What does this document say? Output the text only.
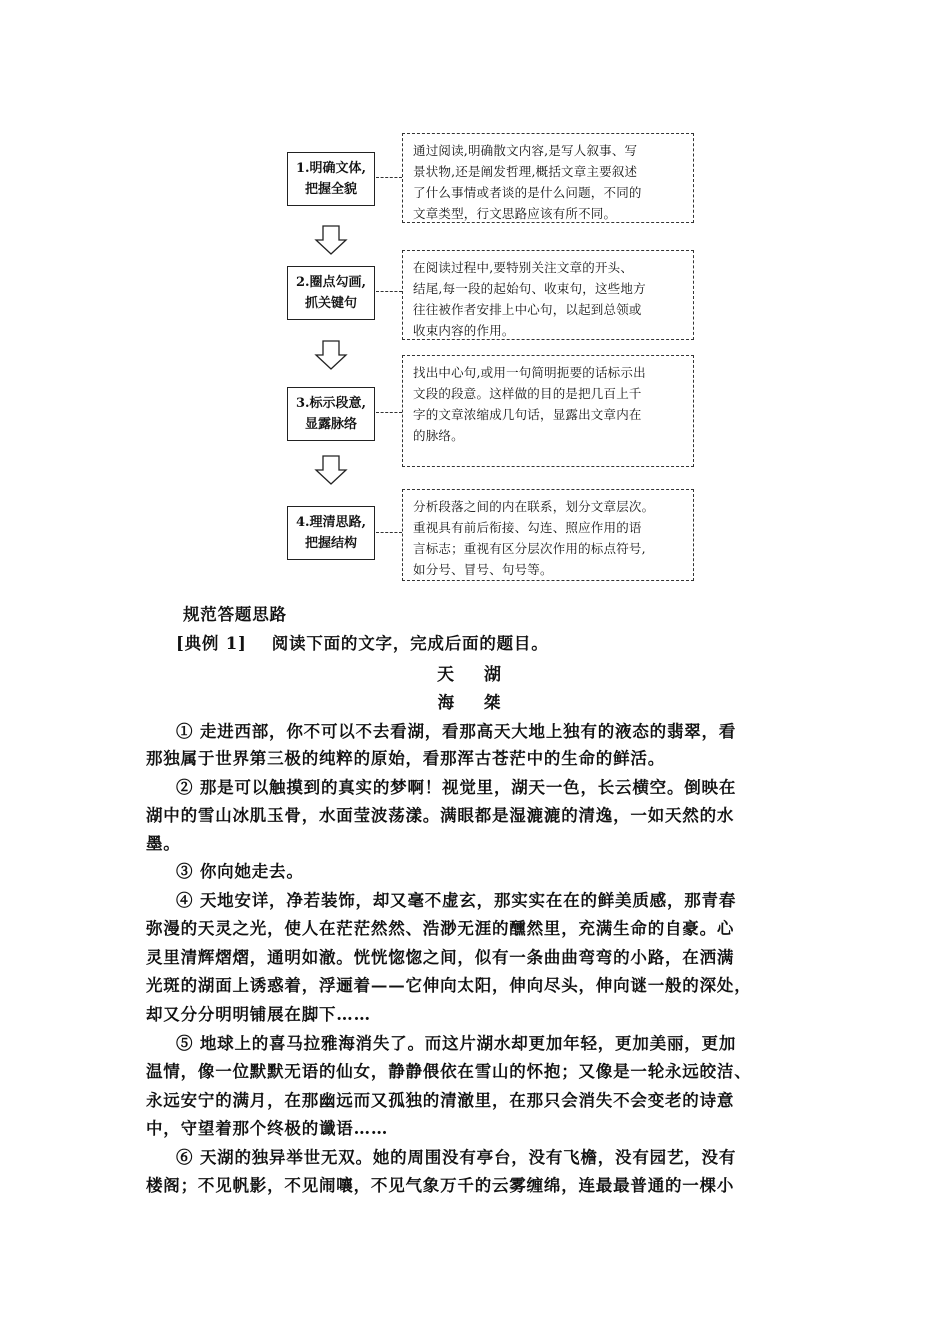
1.明确文体,
把握全貌
通过阅读,明确散文内容,是写人叙事、写
景状物,还是阐发哲理,概括文章主要叙述
了什么事情或者谈的是什么问题，不同的
文章类型，行文思路应该有所不同。
2.圈点勾画,
抓关键句
在阅读过程中,要特别关注文章的开头、
结尾,每一段的起始句、收束句，这些地方
往往被作者安排上中心句，以起到总领或
收束内容的作用。
3.标示段意,
显露脉络
找出中心句,或用一句简明扼要的话标示出
文段的段意。这样做的目的是把几百上千
字的文章浓缩成几句话，显露出文章内在
的脉络。
4.理清思路,
把握结构
分析段落之间的内在联系，划分文章层次。
重视具有前后衔接、勾连、照应作用的语
言标志；重视有区分层次作用的标点符号,
如分号、冒号、句号等。
规范答题思路
[典例 1] 阅读下面的文字，完成后面的题目。
天 湖
海 桀
① 走进西部，你不可以不去看湖，看那高天大地上独有的液态的翡翠，看
那独属于世界第三极的纯粹的原始，看那浑古苍茫中的生命的鲜活。
② 那是可以触摸到的真实的梦啊！视觉里，湖天一色，长云横空。倒映在
湖中的雪山冰肌玉骨，水面莹波荡漾。满眼都是湿漉漉的清逸，一如天然的水
墨。
③ 你向她走去。
④ 天地安详，净若装饰，却又毫不虚玄，那实实在在的鲜美质感，那青春
弥漫的天灵之光，使人在茫茫然然、浩渺无涯的醺然里，充满生命的自豪。心
灵里清辉熠熠，通明如澈。恍恍惚惚之间，似有一条曲曲弯弯的小路，在洒满
光斑的湖面上诱惑着，浮逦着——它伸向太阳，伸向尽头，伸向谜一般的深处，
却又分分明明铺展在脚下……
⑤ 地球上的喜马拉雅海消失了。而这片湖水却更加年轻，更加美丽，更加
温情，像一位默默无语的仙女，静静偎依在雪山的怀抱；又像是一轮永远皎洁、
永远安宁的满月，在那幽远而又孤独的清澈里，在那只会消失不会变老的诗意
中，守望着那个终极的谶语……
⑥ 天湖的独异举世无双。她的周围没有亭台，没有飞檐，没有园艺，没有
楼阁；不见帆影，不见闹嚷，不见气象万千的云雾缠绵，连最最普通的一棵小
